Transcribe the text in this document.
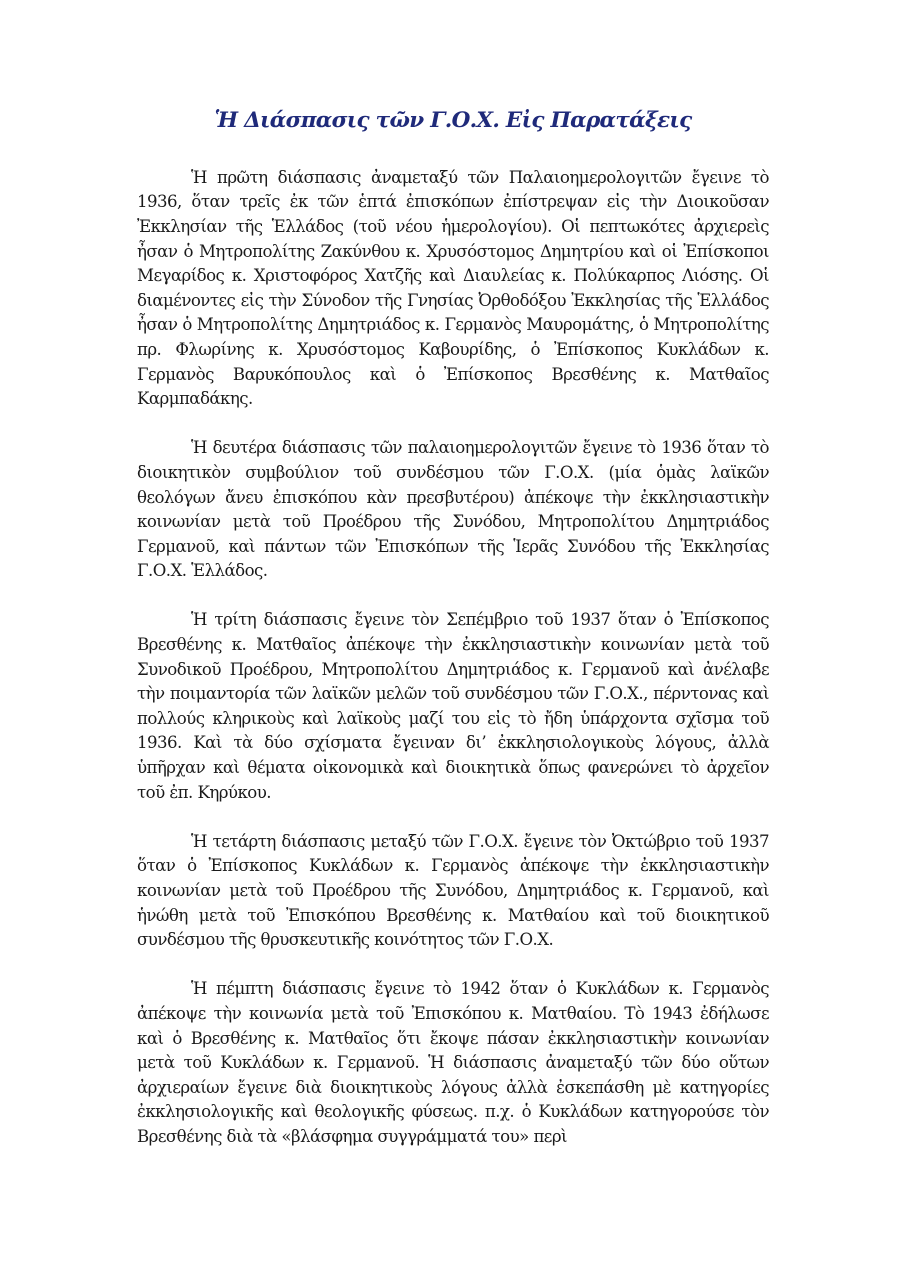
Ἡ Διάσπασις τῶν Γ.Ο.Χ. Εἰς Παρατάξεις

Ἡ πρῶτη διάσπασις ἀναμεταξύ τῶν Παλαιοημερολογιτῶν ἔγεινε τὸ 1936, ὅταν τρεῖς ἐκ τῶν ἑπτά ἐπισκόπων ἐπίστρεψαν εἰς τὴν Διοικοῦσαν Ἐκκλησίαν τῆς Ἑλλάδος (τοῦ νέου ἡμερολογίου). Οἱ πεπτωκότες ἀρχιερεὶς ἦσαν ὁ Μητροπολίτης Ζακύνθου κ. Χρυσόστομος Δημητρίου καὶ οἱ Ἐπίσκοποι Μεγαρίδος κ. Χριστοφόρος Χατζῆς καὶ Διαυλείας κ. Πολύκαρπος Λιόσης. Οἱ διαμένοντες εἰς τὴν Σύνοδον τῆς Γνησίας Ὀρθοδόξου Ἐκκλησίας τῆς Ἑλλάδος ἦσαν ὁ Μητροπολίτης Δημητριάδος κ. Γερμανὸς Μαυρομάτης, ὁ Μητροπολίτης πρ. Φλωρίνης κ. Χρυσόστομος Καβουρίδης, ὁ Ἐπίσκοπος Κυκλάδων κ. Γερμανὸς Βαρυκόπουλος καὶ ὁ Ἐπίσκοπος Βρεσθένης κ. Ματθαῖος Καρμπαδάκης.

Ἡ δευτέρα διάσπασις τῶν παλαιοημερολογιτῶν ἔγεινε τὸ 1936 ὅταν τὸ διοικητικὸν συμβούλιον τοῦ συνδέσμου τῶν Γ.Ο.Χ. (μία ὁμὰς λαϊκῶν θεολόγων ἄνευ ἐπισκόπου κὰν πρεσβυτέρου) ἀπέκοψε τὴν ἐκκλησιαστικὴν κοινωνίαν μετὰ τοῦ Προέδρου τῆς Συνόδου, Μητροπολίτου Δημητριάδος Γερμανοῦ, καὶ πάντων τῶν Ἐπισκόπων τῆς Ἱερᾶς Συνόδου τῆς Ἐκκλησίας Γ.Ο.Χ. Ἑλλάδος.

Ἡ τρίτη διάσπασις ἔγεινε τὸν Σεπέμβριο τοῦ 1937 ὅταν ὁ Ἐπίσκοπος Βρεσθένης κ. Ματθαῖος ἀπέκοψε τὴν ἐκκλησιαστικὴν κοινωνίαν μετὰ τοῦ Συνοδικοῦ Προέδρου, Μητροπολίτου Δημητριάδος κ. Γερμανοῦ καὶ ἀνέλαβε τὴν ποιμαντορία τῶν λαϊκῶν μελῶν τοῦ συνδέσμου τῶν Γ.Ο.Χ., πέρντονας καὶ πολλούς κληρικοὺς καὶ λαϊκοὺς μαζί του εἰς τὸ ἤδη ὑπάρχοντα σχῖσμα τοῦ 1936. Καὶ τὰ δύο σχίσματα ἔγειναν δι’ ἐκκλησιολογικοὺς λόγους, ἀλλὰ ὑπῆρχαν καὶ θέματα οἰκονομικὰ καὶ διοικητικὰ ὅπως φανερώνει τὸ ἀρχεῖον τοῦ ἐπ. Κηρύκου.

Ἡ τετάρτη διάσπασις μεταξύ τῶν Γ.Ο.Χ. ἔγεινε τὸν Ὀκτώβριο τοῦ 1937 ὅταν ὁ Ἐπίσκοπος Κυκλάδων κ. Γερμανὸς ἀπέκοψε τὴν ἐκκλησιαστικὴν κοινωνίαν μετὰ τοῦ Προέδρου τῆς Συνόδου, Δημητριάδος κ. Γερμανοῦ, καὶ ἡνώθη μετὰ τοῦ Ἐπισκόπου Βρεσθένης κ. Ματθαίου καὶ τοῦ διοικητικοῦ συνδέσμου τῆς θρυσκευτικῆς κοινότητος τῶν Γ.Ο.Χ.

Ἡ πέμπτη διάσπασις ἔγεινε τὸ 1942 ὅταν ὁ Κυκλάδων κ. Γερμανὸς ἀπέκοψε τὴν κοινωνία μετὰ τοῦ Ἐπισκόπου κ. Ματθαίου. Τὸ 1943 ἐδήλωσε καὶ ὁ Βρεσθένης κ. Ματθαῖος ὅτι ἔκοψε πάσαν ἐκκλησιαστικὴν κοινωνίαν μετὰ τοῦ Κυκλάδων κ. Γερμανοῦ. Ἡ διάσπασις ἀναμεταξύ τῶν δύο οὕτων ἀρχιεραίων ἔγεινε διὰ διοικητικοὺς λόγους ἀλλὰ ἐσκεπάσθη μὲ κατηγορίες ἐκκλησιολογικῆς καὶ θεολογικῆς φύσεως. π.χ. ὁ Κυκλάδων κατηγορούσε τὸν Βρεσθένης διὰ τὰ «βλάσφημα συγγράμματά του» περὶ
